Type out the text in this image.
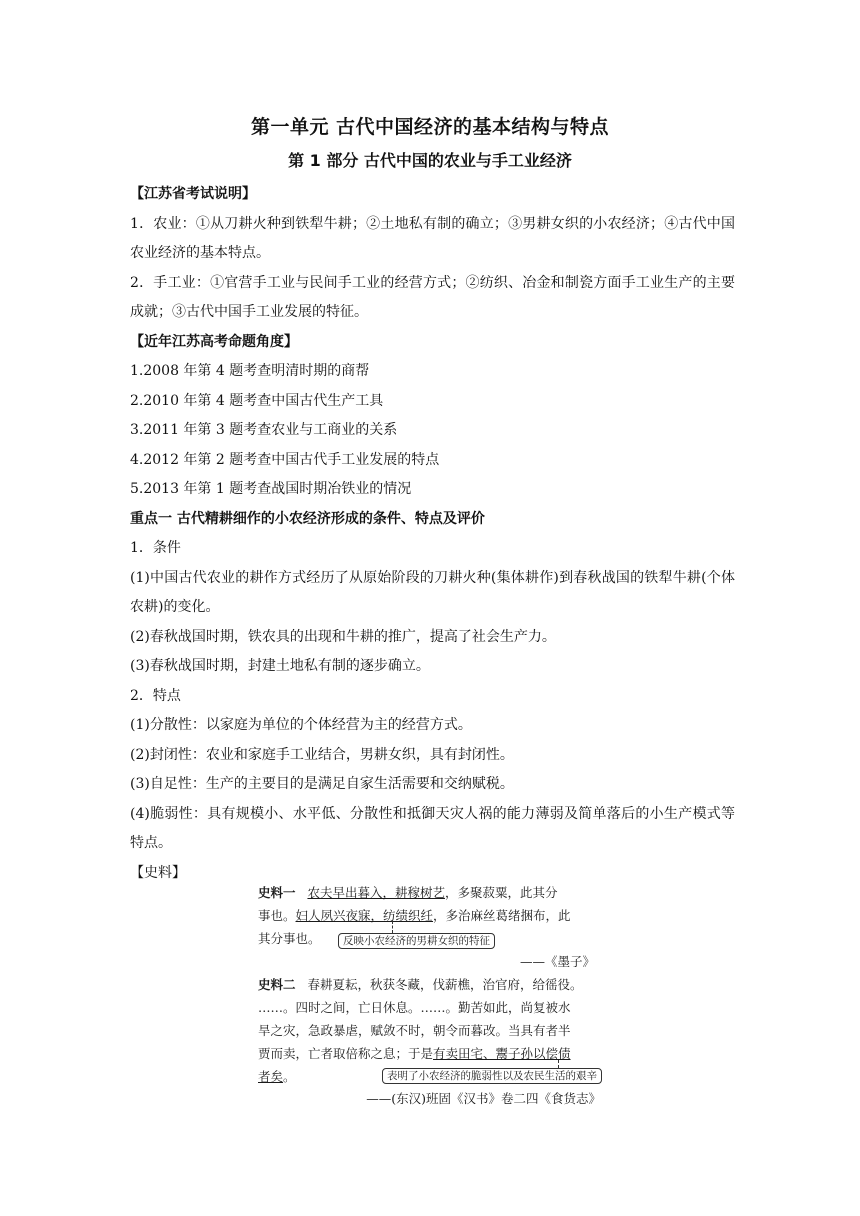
第一单元 古代中国经济的基本结构与特点
第 1 部分 古代中国的农业与手工业经济

【江苏省考试说明】

1．农业：①从刀耕火种到铁犁牛耕；②土地私有制的确立；③男耕女织的小农经济；④古代中国农业经济的基本特点。

2．手工业：①官营手工业与民间手工业的经营方式；②纺织、冶金和制瓷方面手工业生产的主要成就；③古代中国手工业发展的特征。

【近年江苏高考命题角度】

1.2008 年第 4 题考查明清时期的商帮

2.2010 年第 4 题考查中国古代生产工具

3.2011 年第 3 题考查农业与工商业的关系

4.2012 年第 2 题考查中国古代手工业发展的特点

5.2013 年第 1 题考查战国时期冶铁业的情况

重点一 古代精耕细作的小农经济形成的条件、特点及评价

1．条件

(1)中国古代农业的耕作方式经历了从原始阶段的刀耕火种(集体耕作)到春秋战国的铁犁牛耕(个体农耕)的变化。

(2)春秋战国时期，铁农具的出现和牛耕的推广，提高了社会生产力。

(3)春秋战国时期，封建土地私有制的逐步确立。

2．特点

(1)分散性：以家庭为单位的个体经营为主的经营方式。

(2)封闭性：农业和家庭手工业结合，男耕女织，具有封闭性。

(3)自足性：生产的主要目的是满足自家生活需要和交纳赋税。

(4)脆弱性：具有规模小、水平低、分散性和抵御天灾人祸的能力薄弱及简单落后的小生产模式等特点。

【史料】

史料一 农夫早出暮入，耕稼树艺，多聚菽粟，此其分
事也。妇人夙兴夜寐，纺绩织纴，多治麻丝葛绪捆布，此
其分事也。	反映小农经济的男耕女织的特征
——《墨子》
史料二 春耕夏耘，秋获冬藏，伐薪樵，治官府，给徭役。
……。四时之间，亡日休息。……。勤苦如此，尚复被水
旱之灾，急政暴虐，赋敛不时，朝令而暮改。当具有者半
贾而卖，亡者取倍称之息；于是有卖田宅、鬻子孙以偿债
者矣。	表明了小农经济的脆弱性以及农民生活的艰辛
——(东汉)班固《汉书》卷二四《食货志》
